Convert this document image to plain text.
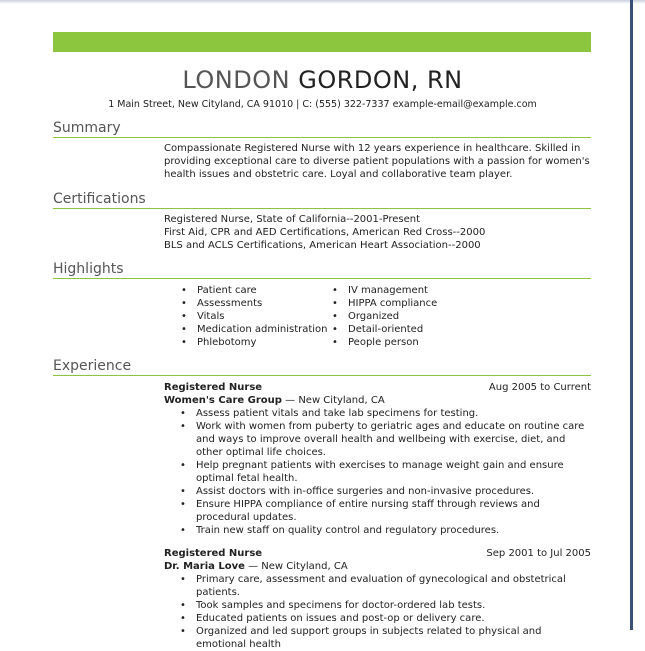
LONDON GORDON, RN
1 Main Street, New Cityland, CA 91010 | C: (555) 322-7337 example-email@example.com
Summary
Compassionate Registered Nurse with 12 years experience in healthcare. Skilled in providing exceptional care to diverse patient populations with a passion for women's health issues and obstetric care. Loyal and collaborative team player.
Certifications
Registered Nurse, State of California--2001-Present
First Aid, CPR and AED Certifications, American Red Cross--2000
BLS and ACLS Certifications, American Heart Association--2000
Highlights
• Patient care
• Assessments
• Vitals
• Medication administration
• Phlebotomy
• IV management
• HIPPA compliance
• Organized
• Detail-oriented
• People person
Experience
Registered Nurse	Aug 2005 to Current
Women's Care Group — New Cityland, CA
• Assess patient vitals and take lab specimens for testing.
• Work with women from puberty to geriatric ages and educate on routine care and ways to improve overall health and wellbeing with exercise, diet, and other optimal life choices.
• Help pregnant patients with exercises to manage weight gain and ensure optimal fetal health.
• Assist doctors with in-office surgeries and non-invasive procedures.
• Ensure HIPPA compliance of entire nursing staff through reviews and procedural updates.
• Train new staff on quality control and regulatory procedures.
Registered Nurse	Sep 2001 to Jul 2005
Dr. Maria Love — New Cityland, CA
• Primary care, assessment and evaluation of gynecological and obstetrical patients.
• Took samples and specimens for doctor-ordered lab tests.
• Educated patients on issues and post-op or delivery care.
• Organized and led support groups in subjects related to physical and emotional health
